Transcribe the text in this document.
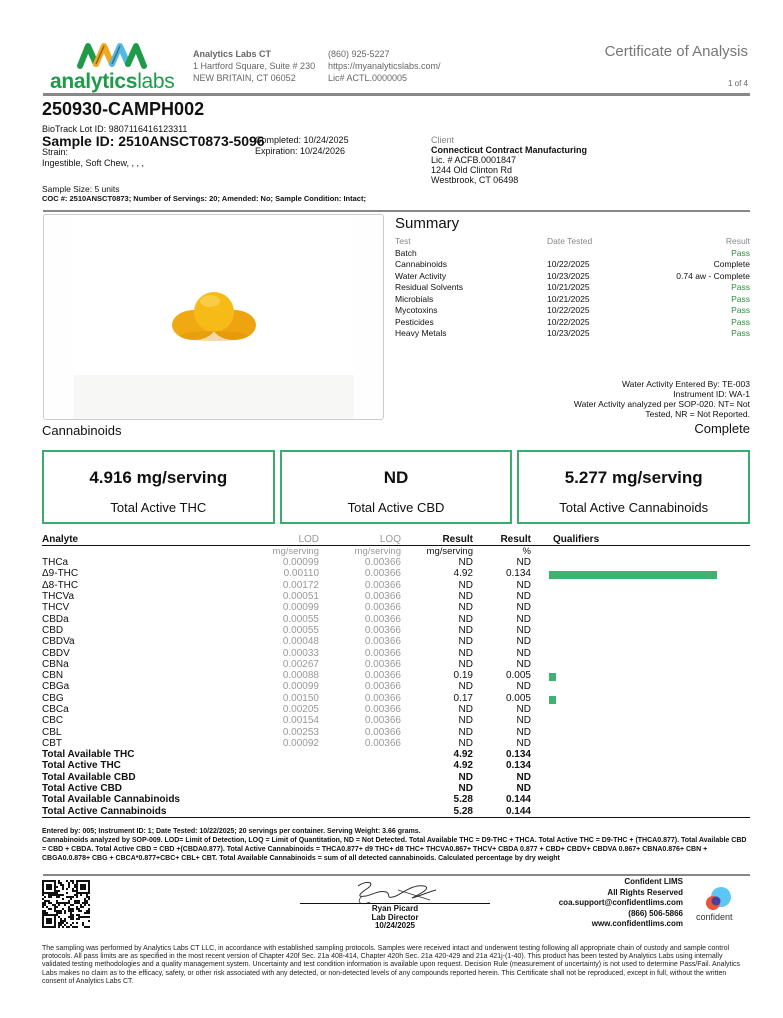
analyticslabs
Analytics Labs CT
1 Hartford Square, Suite # 230
NEW BRITAIN, CT 06052
(860) 925-5227
https://myanalyticslabs.com/
Lic# ACTL.0000005
Certificate of Analysis
1 of 4
250930-CAMPH002
BioTrack Lot ID: 9807116416123311
Sample ID: 2510ANSCT0873-5096
Completed: 10/24/2025
Expiration: 10/24/2026
Strain:
Ingestible, Soft Chew, , , ,
Client
Connecticut Contract Manufacturing
Lic. # ACFB.0001847
1244 Old Clinton Rd
Westbrook, CT 06498
Sample Size: 5 units
COC #: 2510ANSCT0873; Number of Servings: 20; Amended: No; Sample Condition: Intact;
Summary
Test	Date Tested	Result
Batch	Pass
Cannabinoids	10/22/2025	Complete
Water Activity	10/23/2025	0.74 aw - Complete
Residual Solvents	10/21/2025	Pass
Microbials	10/21/2025	Pass
Mycotoxins	10/22/2025	Pass
Pesticides	10/22/2025	Pass
Heavy Metals	10/23/2025	Pass
Water Activity Entered By: TE-003
Instrument ID: WA-1
Water Activity analyzed per SOP-020. NT= Not
Tested, NR = Not Reported.
Cannabinoids	Complete
4.916 mg/serving
Total Active THC
ND
Total Active CBD
5.277 mg/serving
Total Active Cannabinoids
Analyte	LOD	LOQ	Result	Result	Qualifiers
	mg/serving	mg/serving	mg/serving	%	
THCa	0.00099	0.00366	ND	ND	
Δ9-THC	0.00110	0.00366	4.92	0.134	

Δ8-THC	0.00172	0.00366	ND	ND	
THCVa	0.00051	0.00366	ND	ND	
THCV	0.00099	0.00366	ND	ND	
CBDa	0.00055	0.00366	ND	ND	
CBD	0.00055	0.00366	ND	ND	
CBDVa	0.00048	0.00366	ND	ND	
CBDV	0.00033	0.00366	ND	ND	
CBNa	0.00267	0.00366	ND	ND	
CBN	0.00088	0.00366	0.19	0.005	

CBGa	0.00099	0.00366	ND	ND	
CBG	0.00150	0.00366	0.17	0.005	

CBCa	0.00205	0.00366	ND	ND	
CBC	0.00154	0.00366	ND	ND	
CBL	0.00253	0.00366	ND	ND	
CBT	0.00092	0.00366	ND	ND	
Total Available THC			4.92	0.134	
Total Active THC			4.92	0.134	
Total Available CBD			ND	ND	
Total Active CBD			ND	ND	
Total Available Cannabinoids			5.28	0.144	
Total Active Cannabinoids			5.28	0.144	
Entered by: 005; Instrument ID: 1; Date Tested: 10/22/2025; 20 servings per container. Serving Weight: 3.66 grams.
Cannabinoids analyzed by SOP-009. LOD= Limit of Detection, LOQ = Limit of Quantitation, ND = Not Detected. Total Available THC = D9-THC + THCA. Total Active THC = D9-THC + (THCA0.877). Total Available CBD = CBD + CBDA. Total Active CBD = CBD +(CBDA0.877). Total Active Cannabinoids = THCA0.877+ d9 THC+ d8 THC+ THCVA0.867+ THCV+ CBDA 0.877 + CBD+ CBDV+ CBDVA 0.867+ CBNA0.876+ CBN + CBGA0.0.878+ CBG + CBCA*0.877+CBC+ CBL+ CBT. Total Available Cannabinoids = sum of all detected cannabinoids. Calculated percentage by dry weight
Ryan Picard
Lab Director
10/24/2025
Confident LIMS
All Rights Reserved
coa.support@confidentlims.com
(866) 506-5866
www.confidentlims.com
confident
The sampling was performed by Analytics Labs CT LLC, in accordance with established sampling protocols. Samples were received intact and underwent testing following all appropriate chain of custody and sample control protocols. All pass limits are as specified in the most recent version of Chapter 420f Sec. 21a 408-414, Chapter 420h Sec. 21a 420-429 and 21a 421j-(1-40). This product has been tested by Analytics Labs using internally validated testing methodologies and a quality management system. Uncertainty and test condition information is available upon request. Decision Rule (measurement of uncertainty) is not used to determine Pass/Fail. Analytics Labs makes no claim as to the efficacy, safety, or other risk associated with any detected, or non-detected levels of any compounds reported herein. This Certificate shall not be reproduced, except in full, without the written consent of Analytics Labs CT.
